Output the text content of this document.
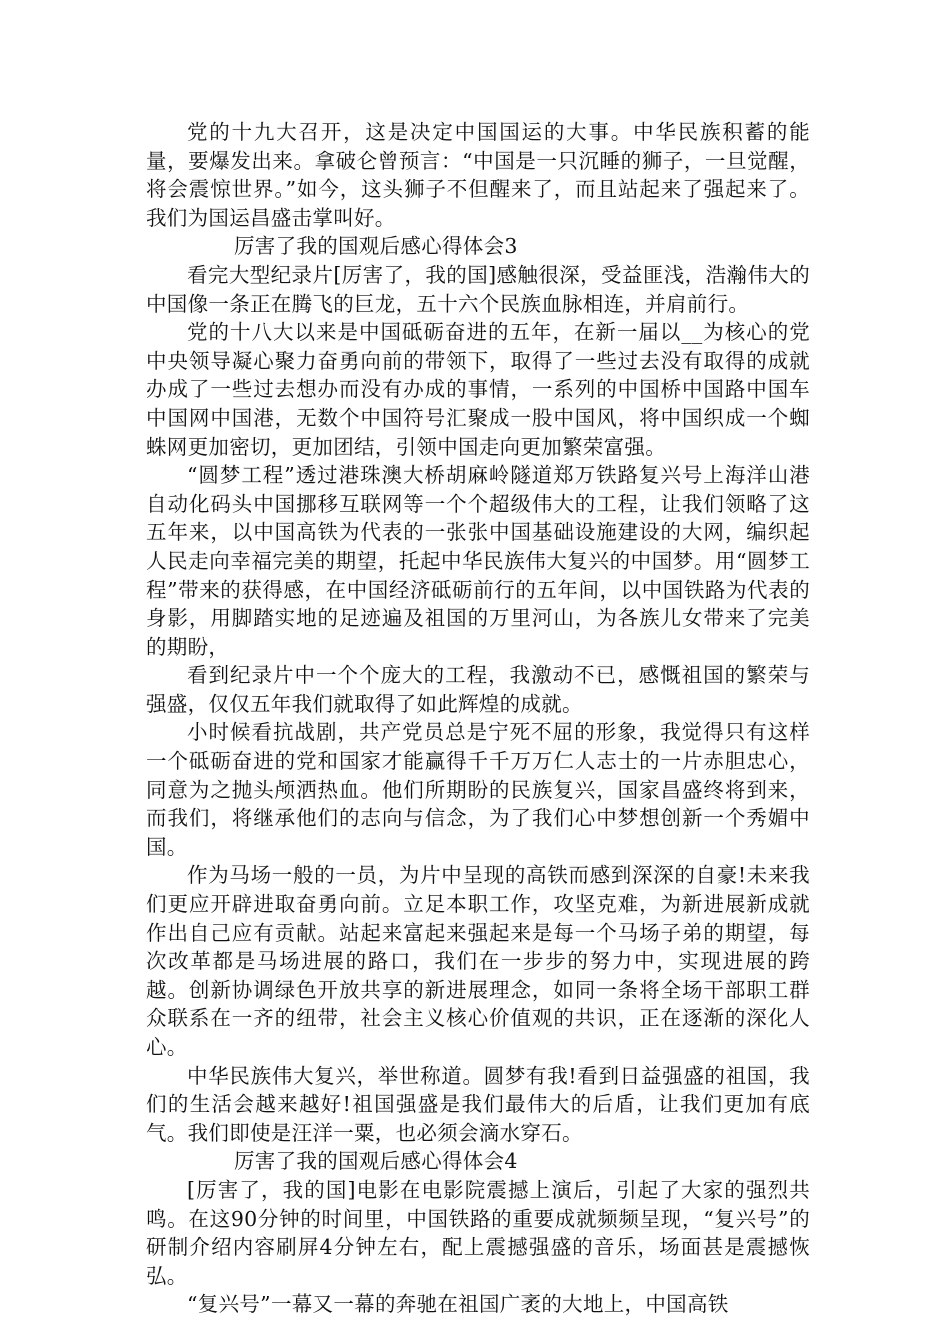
党的十九大召开，这是决定中国国运的大事。中华民族积蓄的能量，要爆发出来。拿破仑曾预言：“中国是一只沉睡的狮子，一旦觉醒，将会震惊世界。”如今，这头狮子不但醒来了，而且站起来了强起来了。我们为国运昌盛击掌叫好。

厉害了我的国观后感心得体会3

看完大型纪录片[厉害了，我的国]感触很深，受益匪浅，浩瀚伟大的中国像一条正在腾飞的巨龙，五十六个民族血脉相连，并肩前行。

党的十八大以来是中国砥砺奋进的五年，在新一届以__为核心的党中央领导凝心聚力奋勇向前的带领下，取得了一些过去没有取得的成就办成了一些过去想办而没有办成的事情，一系列的中国桥中国路中国车中国网中国港，无数个中国符号汇聚成一股中国风，将中国织成一个蜘蛛网更加密切，更加团结，引领中国走向更加繁荣富强。

“圆梦工程”透过港珠澳大桥胡麻岭隧道郑万铁路复兴号上海洋山港自动化码头中国挪移互联网等一个个超级伟大的工程，让我们领略了这五年来，以中国高铁为代表的一张张中国基础设施建设的大网，编织起人民走向幸福完美的期望，托起中华民族伟大复兴的中国梦。用“圆梦工程”带来的获得感，在中国经济砥砺前行的五年间，以中国铁路为代表的身影，用脚踏实地的足迹遍及祖国的万里河山，为各族儿女带来了完美的期盼，

看到纪录片中一个个庞大的工程，我激动不已，感慨祖国的繁荣与强盛，仅仅五年我们就取得了如此辉煌的成就。

小时候看抗战剧，共产党员总是宁死不屈的形象，我觉得只有这样一个砥砺奋进的党和国家才能赢得千千万万仁人志士的一片赤胆忠心，同意为之抛头颅洒热血。他们所期盼的民族复兴，国家昌盛终将到来，而我们，将继承他们的志向与信念，为了我们心中梦想创新一个秀媚中国。

作为马场一般的一员，为片中呈现的高铁而感到深深的自豪!未来我们更应开辟进取奋勇向前。立足本职工作，攻坚克难，为新进展新成就作出自己应有贡献。站起来富起来强起来是每一个马场子弟的期望，每次改革都是马场进展的路口，我们在一步步的努力中，实现进展的跨越。创新协调绿色开放共享的新进展理念，如同一条将全场干部职工群众联系在一齐的纽带，社会主义核心价值观的共识，正在逐渐的深化人心。

中华民族伟大复兴，举世称道。圆梦有我!看到日益强盛的祖国，我们的生活会越来越好!祖国强盛是我们最伟大的后盾，让我们更加有底气。我们即使是汪洋一粟，也必须会滴水穿石。

厉害了我的国观后感心得体会4

[厉害了，我的国]电影在电影院震撼上演后，引起了大家的强烈共鸣。在这90分钟的时间里，中国铁路的重要成就频频呈现，“复兴号”的研制介绍内容刷屏4分钟左右，配上震撼强盛的音乐，场面甚是震撼恢弘。

“复兴号”一幕又一幕的奔驰在祖国广袤的大地上，中国高铁
